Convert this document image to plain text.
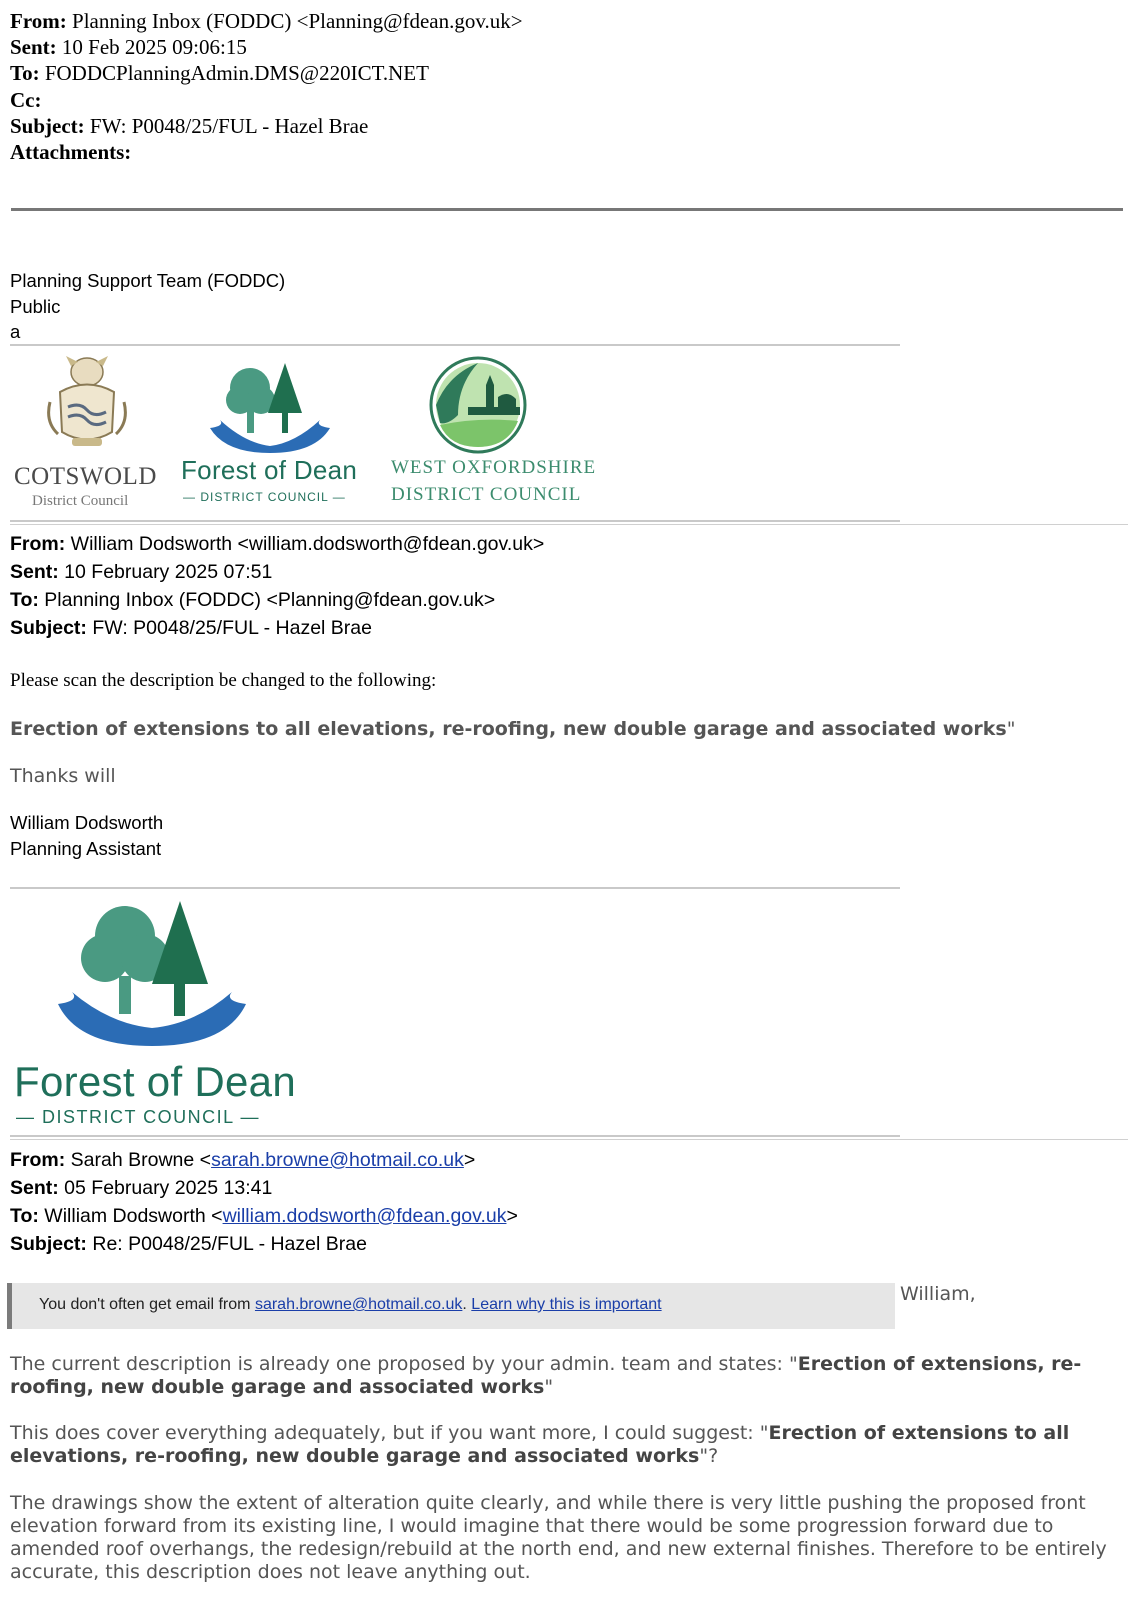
From: Planning Inbox (FODDC) <Planning@fdean.gov.uk>
Sent: 10 Feb 2025 09:06:15
To: FODDCPlanningAdmin.DMS@220ICT.NET
Cc:
Subject: FW: P0048/25/FUL - Hazel Brae
Attachments:
Planning Support Team (FODDC)
Public
a
COTSWOLD
District Council
Forest of Dean
— DISTRICT COUNCIL —
WEST OXFORDSHIRE
DISTRICT COUNCIL
From: William Dodsworth <william.dodsworth@fdean.gov.uk>
Sent: 10 February 2025 07:51
To: Planning Inbox (FODDC) <Planning@fdean.gov.uk>
Subject: FW: P0048/25/FUL - Hazel Brae
Please scan the description be changed to the following:
Erection of extensions to all elevations, re-roofing, new double garage and associated works"
Thanks will
William Dodsworth
Planning Assistant
Forest of Dean
— DISTRICT COUNCIL —
From: Sarah Browne <sarah.browne@hotmail.co.uk>
Sent: 05 February 2025 13:41
To: William Dodsworth <william.dodsworth@fdean.gov.uk>
Subject: Re: P0048/25/FUL - Hazel Brae
You don't often get email from sarah.browne@hotmail.co.uk. Learn why this is important	William,
The current description is already one proposed by your admin. team and states: "Erection of extensions, re-roofing, new double garage and associated works"
This does cover everything adequately, but if you want more, I could suggest: "Erection of extensions to all elevations, re-roofing, new double garage and associated works"?
The drawings show the extent of alteration quite clearly, and while there is very little pushing the proposed front elevation forward from its existing line, I would imagine that there would be some progression forward due to amended roof overhangs, the redesign/rebuild at the north end, and new external finishes. Therefore to be entirely accurate, this description does not leave anything out.
